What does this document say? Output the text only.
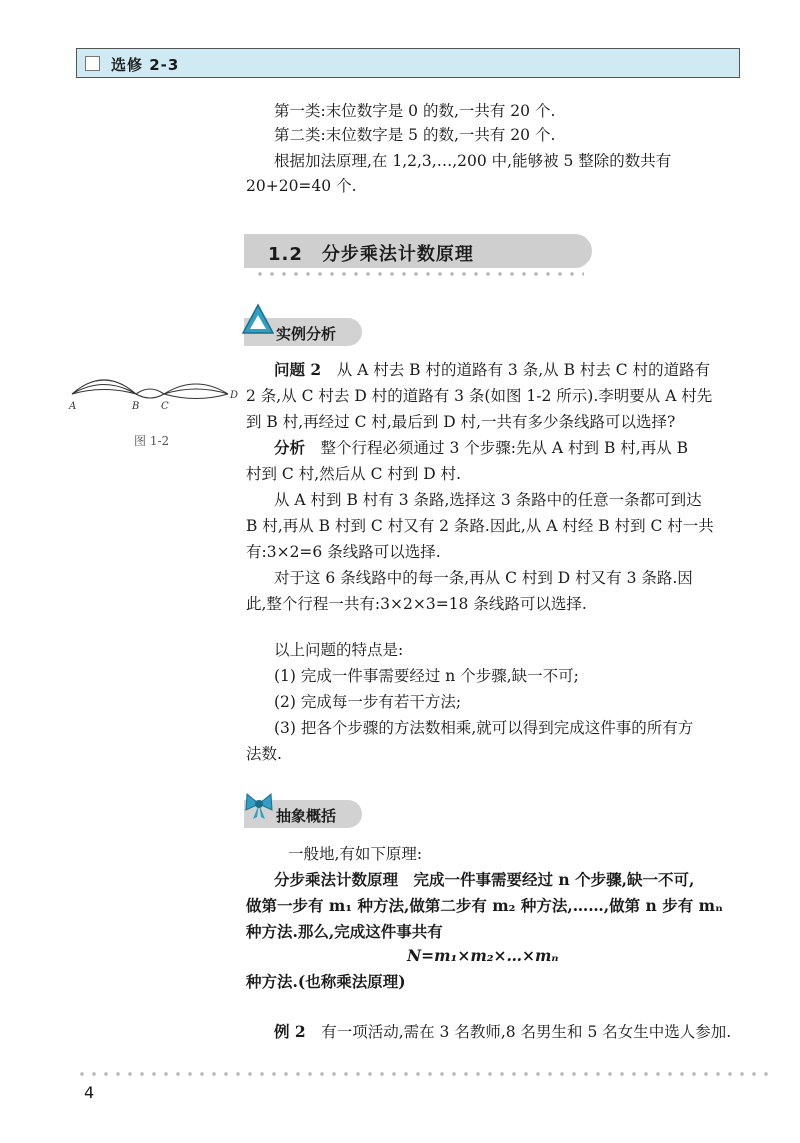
选修 2-3
第一类:末位数字是 0 的数,一共有 20 个.
第二类:末位数字是 5 的数,一共有 20 个.
根据加法原理,在 1,2,3,…,200 中,能够被 5 整除的数共有
20+20=40 个.
1.2　分步乘法计数原理
实例分析
A	B C
D
图 1-2
问题 2　 从 A 村去 B 村的道路有 3 条,从 B 村去 C 村的道路有
2 条,从 C 村去 D 村的道路有 3 条(如图 1-2 所示).李明要从 A 村先
到 B 村,再经过 C 村,最后到 D 村,一共有多少条线路可以选择?
分析　 整个行程必须通过 3 个步骤:先从 A 村到 B 村,再从 B
村到 C 村,然后从 C 村到 D 村.
从 A 村到 B 村有 3 条路,选择这 3 条路中的任意一条都可到达
B 村,再从 B 村到 C 村又有 2 条路.因此,从 A 村经 B 村到 C 村一共
有:3×2=6 条线路可以选择.
对于这 6 条线路中的每一条,再从 C 村到 D 村又有 3 条路.因
此,整个行程一共有:3×2×3=18 条线路可以选择.
以上问题的特点是:
(1) 完成一件事需要经过 n 个步骤,缺一不可;
(2) 完成每一步有若干方法;
(3) 把各个步骤的方法数相乘,就可以得到完成这件事的所有方
法数.
抽象概括
一般地,有如下原理:
分步乘法计数原理　 完成一件事需要经过 n 个步骤,缺一不可,
做第一步有 m₁ 种方法,做第二步有 m₂ 种方法,……,做第 n 步有 mₙ
种方法.那么,完成这件事共有
N=m₁×m₂×…×mₙ
种方法.(也称乘法原理)
例 2　 有一项活动,需在 3 名教师,8 名男生和 5 名女生中选人参加.
4
